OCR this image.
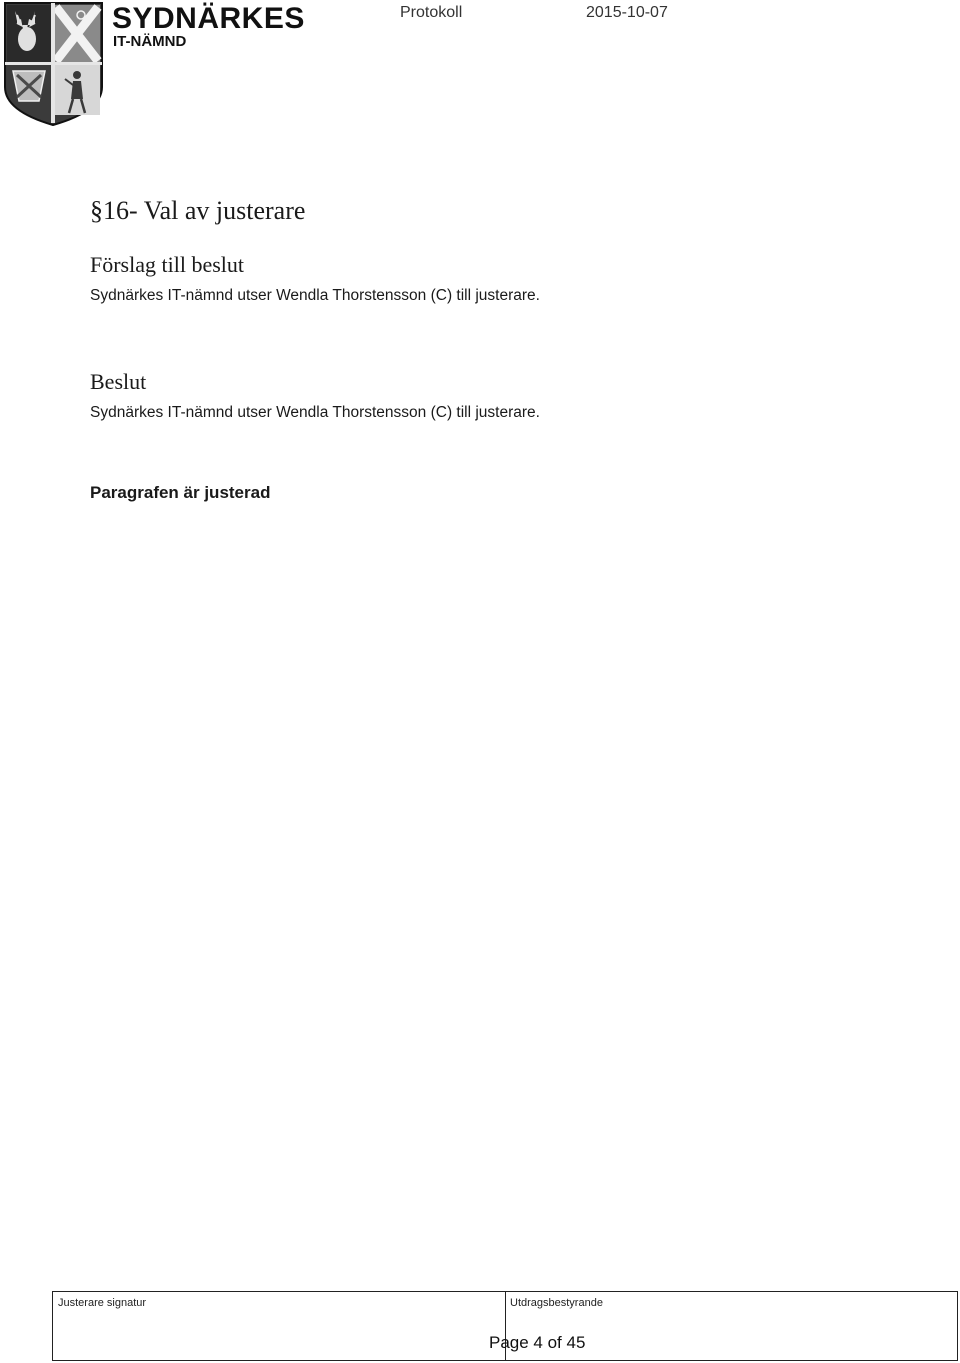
SYDNÄRKES
IT-NÄMND
Protokoll	2015-10-07
§16- Val av justerare
Förslag till beslut
Sydnärkes IT-nämnd utser Wendla Thorstensson (C) till justerare.
Beslut
Sydnärkes IT-nämnd utser Wendla Thorstensson (C) till justerare.
Paragrafen är justerad
Justerare signatur	Utdragsbestyrande
Page 4 of 45
